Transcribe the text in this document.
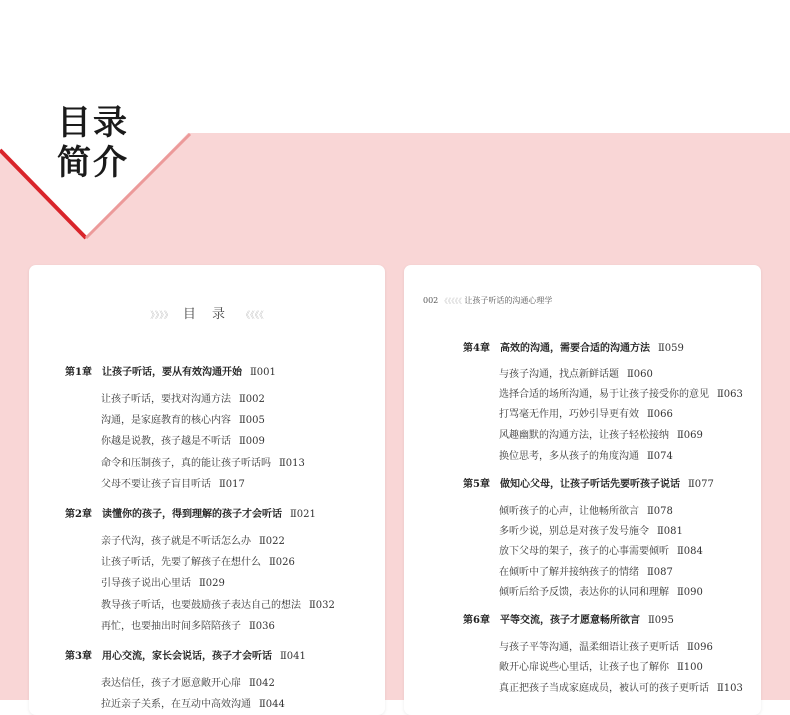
目录
简介
》》》》 目 录 《《《《
第1章 让孩子听话，要从有效沟通开始 Ⅱ001
让孩子听话，要找对沟通方法 Ⅱ002
沟通，是家庭教育的核心内容 Ⅱ005
你越是说教，孩子越是不听话 Ⅱ009
命令和压制孩子，真的能让孩子听话吗 Ⅱ013
父母不要让孩子盲目听话 Ⅱ017
第2章 读懂你的孩子，得到理解的孩子才会听话 Ⅱ021
亲子代沟，孩子就是不听话怎么办 Ⅱ022
让孩子听话，先要了解孩子在想什么 Ⅱ026
引导孩子说出心里话 Ⅱ029
教导孩子听话，也要鼓励孩子表达自己的想法 Ⅱ032
再忙，也要抽出时间多陪陪孩子 Ⅱ036
第3章 用心交流，家长会说话，孩子才会听话 Ⅱ041
表达信任，孩子才愿意敞开心扉 Ⅱ042
拉近亲子关系，在互动中高效沟通 Ⅱ044
002 《《《《《 让孩子听话的沟通心理学
第4章 高效的沟通，需要合适的沟通方法 Ⅱ059
与孩子沟通，找点新鲜话题 Ⅱ060
选择合适的场所沟通，易于让孩子接受你的意见 Ⅱ063
打骂毫无作用，巧妙引导更有效 Ⅱ066
风趣幽默的沟通方法，让孩子轻松接纳 Ⅱ069
换位思考，多从孩子的角度沟通 Ⅱ074
第5章 做知心父母，让孩子听话先要听孩子说话 Ⅱ077
倾听孩子的心声，让他畅所欲言 Ⅱ078
多听少说，别总是对孩子发号施令 Ⅱ081
放下父母的架子，孩子的心事需要倾听 Ⅱ084
在倾听中了解并接纳孩子的情绪 Ⅱ087
倾听后给予反馈，表达你的认同和理解 Ⅱ090
第6章 平等交流，孩子才愿意畅所欲言 Ⅱ095
与孩子平等沟通，温柔细语让孩子更听话 Ⅱ096
敞开心扉说些心里话，让孩子也了解你 Ⅱ100
真正把孩子当成家庭成员，被认可的孩子更听话 Ⅱ103
